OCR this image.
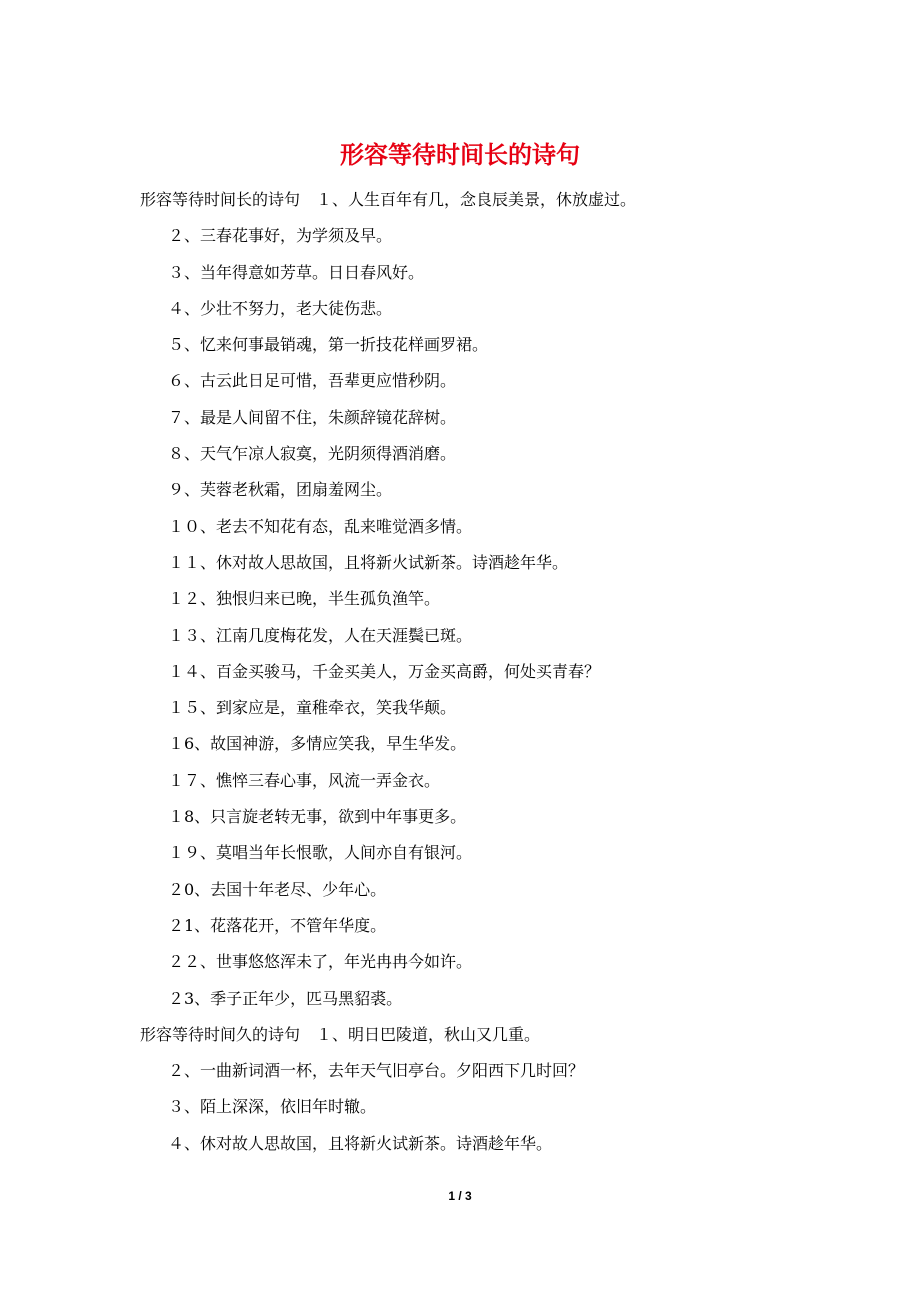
形容等待时间长的诗句
形容等待时间长的诗句　１、人生百年有几，念良辰美景，休放虚过。
２、三春花事好，为学须及早。
３、当年得意如芳草。日日春风好。
４、少壮不努力，老大徒伤悲。
５、忆来何事最销魂，第一折技花样画罗裙。
６、古云此日足可惜，吾辈更应惜秒阴。
７、最是人间留不住，朱颜辞镜花辞树。
８、天气乍凉人寂寞，光阴须得酒消磨。
９、芙蓉老秋霜，团扇羞网尘。
１０、老去不知花有态，乱来唯觉酒多情。
１１、休对故人思故国，且将新火试新茶。诗酒趁年华。
１２、独恨归来已晚，半生孤负渔竿。
１３、江南几度梅花发，人在天涯鬓已斑。
１４、百金买骏马，千金买美人，万金买高爵，何处买青春？
１５、到家应是，童稚牵衣，笑我华颠。
１6、故国神游，多情应笑我，早生华发。
１７、憔悴三春心事，风流一弄金衣。
１8、只言旋老转无事，欲到中年事更多。
１９、莫唱当年长恨歌，人间亦自有银河。
２0、去国十年老尽、少年心。
２1、花落花开，不管年华度。
２２、世事悠悠浑未了，年光冉冉今如许。
２3、季子正年少，匹马黑貂裘。
形容等待时间久的诗句　１、明日巴陵道，秋山又几重。
２、一曲新词酒一杯，去年天气旧亭台。夕阳西下几时回？
３、陌上深深，依旧年时辙。
４、休对故人思故国，且将新火试新茶。诗酒趁年华。
1 / 3
